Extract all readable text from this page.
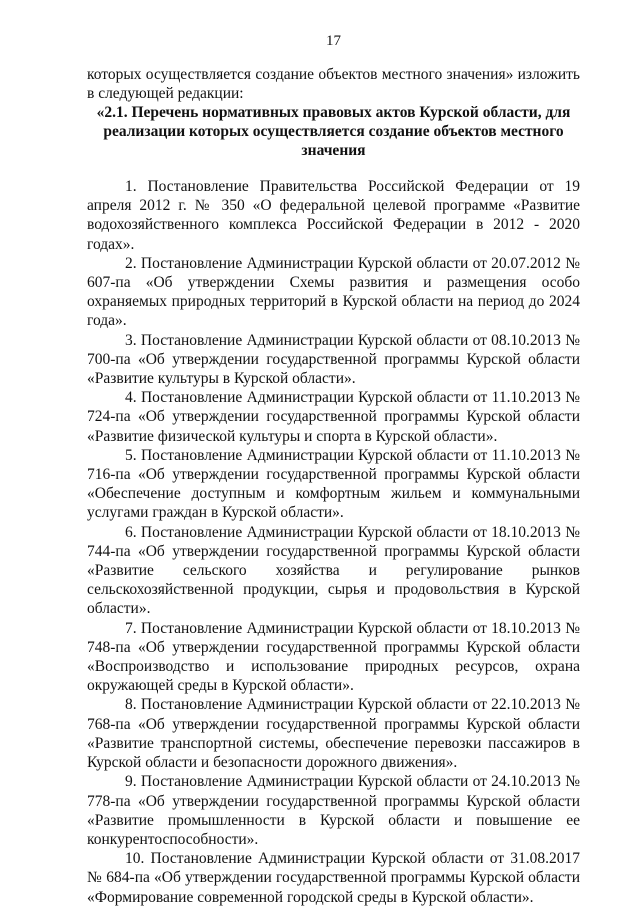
17

которых осуществляется создание объектов местного значения» изложить в следующей редакции:

«2.1. Перечень нормативных правовых актов Курской области, для реализации которых осуществляется создание объектов местного значения

1. Постановление Правительства Российской Федерации от 19 апреля 2012 г. № 350 «О федеральной целевой программе «Развитие водохозяйственного комплекса Российской Федерации в 2012 - 2020 годах».
2. Постановление Администрации Курской области от 20.07.2012 № 607-па «Об утверждении Схемы развития и размещения особо охраняемых природных территорий в Курской области на период до 2024 года».
3. Постановление Администрации Курской области от 08.10.2013 № 700-па «Об утверждении государственной программы Курской области «Развитие культуры в Курской области».
4. Постановление Администрации Курской области от 11.10.2013 № 724-па «Об утверждении государственной программы Курской области «Развитие физической культуры и спорта в Курской области».
5. Постановление Администрации Курской области от 11.10.2013 № 716-па «Об утверждении государственной программы Курской области «Обеспечение доступным и комфортным жильем и коммунальными услугами граждан в Курской области».
6. Постановление Администрации Курской области от 18.10.2013 № 744-па «Об утверждении государственной программы Курской области «Развитие сельского хозяйства и регулирование рынков сельскохозяйственной продукции, сырья и продовольствия в Курской области».
7. Постановление Администрации Курской области от 18.10.2013 № 748-па «Об утверждении государственной программы Курской области «Воспроизводство и использование природных ресурсов, охрана окружающей среды в Курской области».
8. Постановление Администрации Курской области от 22.10.2013 № 768-па «Об утверждении государственной программы Курской области «Развитие транспортной системы, обеспечение перевозки пассажиров в Курской области и безопасности дорожного движения».
9. Постановление Администрации Курской области от 24.10.2013 № 778-па «Об утверждении государственной программы Курской области «Развитие промышленности в Курской области и повышение ее конкурентоспособности».
10. Постановление Администрации Курской области от 31.08.2017 № 684-па «Об утверждении государственной программы Курской области «Формирование современной городской среды в Курской области».
